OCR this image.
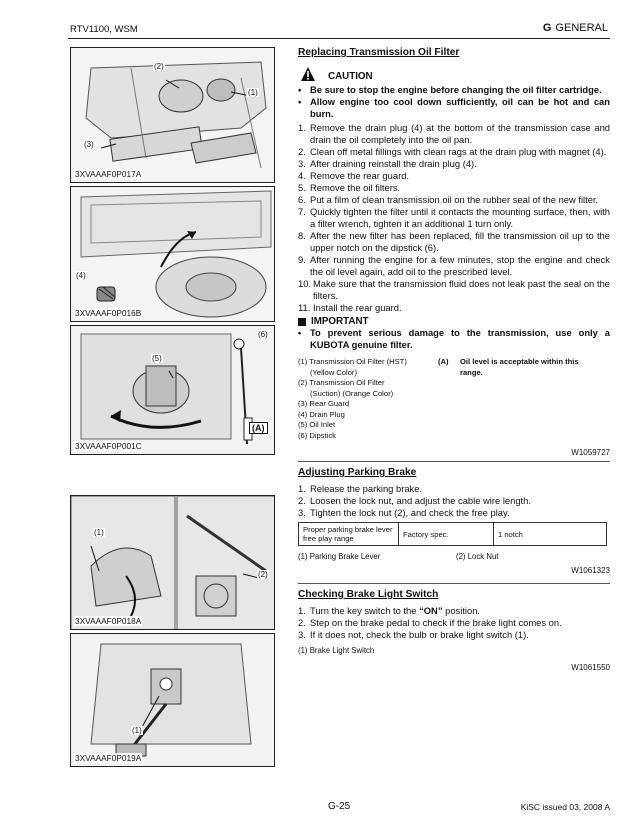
RTV1100, WSM	G GENERAL
(2)
(1)
(3)
3XVAAAF0P017A
(4)
3XVAAAF0P016B
(5)
(6)
(A)
3XVAAAF0P001C
(1)
(2)
3XVAAAF0P018A
(1)
3XVAAAF0P019A
Replacing Transmission Oil Filter
CAUTION
• Be sure to stop the engine before changing the oil filter cartridge.
• Allow engine too cool down sufficiently, oil can be hot and can burn.
1. Remove the drain plug (4) at the bottom of the transmission case and drain the oil completely into the oil pan.
2. Clean off metal fillings with clean rags at the drain plug with magnet (4).
3. After draining reinstall the drain plug (4).
4. Remove the rear guard.
5. Remove the oil filters.
6. Put a film of clean transmission oil on the rubber seal of the new filter.
7. Quickly tighten the filter until it contacts the mounting surface, then, with a filter wrench, tighten it an additional 1 turn only.
8. After the new filter has been replaced, fill the transmission oil up to the upper notch on the dipstick (6).
9. After running the engine for a few minutes, stop the engine and check the oil level again, add oil to the prescribed level.
10. Make sure that the transmission fluid does not leak past the seal on the filters.
11. Install the rear guard.
IMPORTANT
• To prevent serious damage to the transmission, use only a KUBOTA genuine filter.
(1) Transmission Oil Filter (HST)
(Yellow Color)
(2) Transmission Oil Filter
(Suction) (Orange Color)
(3) Rear Guard
(4) Drain Plug
(5) Oil Inlet
(6) Dipstick
(A)	Oil level is acceptable within this range.
W1059727
Adjusting Parking Brake
1. Release the parking brake.
2. Loosen the lock nut, and adjust the cable wire length.
3. Tighten the lock nut (2), and check the free play.
Proper parking brake lever free play range	Factory spec.	1 notch
(1) Parking Brake Lever	(2) Lock Nut
W1061323
Checking Brake Light Switch
1. Turn the key switch to the “ON” position.
2. Step on the brake pedal to check if the brake light comes on.
3. If it does not, check the bulb or brake light switch (1).
(1) Brake Light Switch
W1061550
G-25	KiSC issued 03, 2008 A
